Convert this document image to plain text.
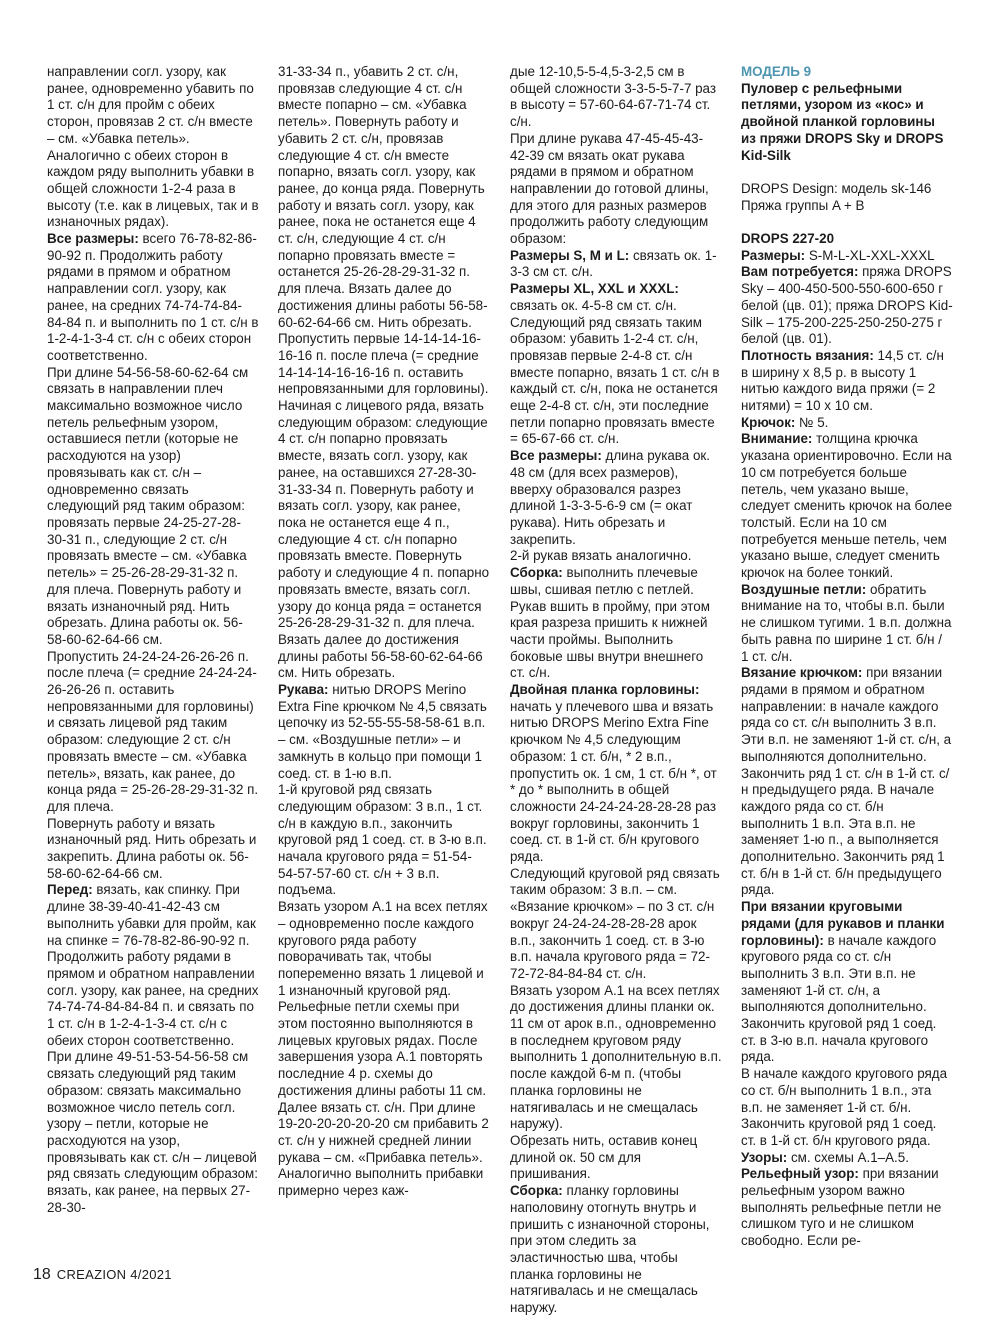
направлении согл. узору, как ранее, одновременно убавить по 1 ст. с/н для пройм с обеих сторон, провязав 2 ст. с/н вместе – см. «Убавка петель». Аналогично с обеих сторон в каждом ряду выполнить убавки в общей сложности 1-2-4 раза в высоту (т.е. как в лицевых, так и в изнаночных рядах).

Все размеры: всего 76-78-82-86-90-92 п. Продолжить работу рядами в прямом и обратном направлении согл. узору, как ранее, на средних 74-74-74-84-84-84 п. и выполнить по 1 ст. с/н в 1-2-4-1-3-4 ст. с/н с обеих сторон соответственно.

При длине 54-56-58-60-62-64 см связать в направлении плеч максимально возможное число петель рельефным узором, оставшиеся петли (которые не расходуются на узор) провязывать как ст. с/н – одновременно связать следующий ряд таким образом: провязать первые 24-25-27-28-30-31 п., следующие 2 ст. с/н провязать вместе – см. «Убавка петель» = 25-26-28-29-31-32 п. для плеча. Повернуть работу и вязать изнаночный ряд. Нить обрезать. Длина работы ок. 56-58-60-62-64-66 см.

Пропустить 24-24-24-26-26-26 п. после плеча (= средние 24-24-24-26-26-26 п. оставить непровязанными для горловины) и связать лицевой ряд таким образом: следующие 2 ст. с/н провязать вместе – см. «Убавка петель», вязать, как ранее, до конца ряда = 25-26-28-29-31-32 п. для плеча.

Повернуть работу и вязать изнаночный ряд. Нить обрезать и закрепить. Длина работы ок. 56-58-60-62-64-66 см.

Перед: вязать, как спинку. При длине 38-39-40-41-42-43 см выполнить убавки для пройм, как на спинке = 76-78-82-86-90-92 п.

Продолжить работу рядами в прямом и обратном направлении согл. узору, как ранее, на средних 74-74-74-84-84-84 п. и связать по 1 ст. с/н в 1-2-4-1-3-4 ст. с/н с обеих сторон соответственно.

При длине 49-51-53-54-56-58 см связать следующий ряд таким образом: связать максимально возможное число петель согл. узору – петли, которые не расходуются на узор, провязывать как ст. с/н – лицевой ряд связать следующим образом: вязать, как ранее, на первых 27-28-30-

31-33-34 п., убавить 2 ст. с/н, провязав следующие 4 ст. с/н вместе попарно – см. «Убавка петель». Повернуть работу и убавить 2 ст. с/н, провязав следующие 4 ст. с/н вместе попарно, вязать согл. узору, как ранее, до конца ряда. Повернуть работу и вязать согл. узору, как ранее, пока не останется еще 4 ст. с/н, следующие 4 ст. с/н попарно провязать вместе = останется 25-26-28-29-31-32 п. для плеча. Вязать далее до достижения длины работы 56-58-60-62-64-66 см. Нить обрезать.

Пропустить первые 14-14-14-16-16-16 п. после плеча (= средние 14-14-14-16-16-16 п. оставить непровязанными для горловины).

Начиная с лицевого ряда, вязать следующим образом: следующие 4 ст. с/н попарно провязать вместе, вязать согл. узору, как ранее, на оставшихся 27-28-30-31-33-34 п. Повернуть работу и вязать согл. узору, как ранее, пока не останется еще 4 п., следующие 4 ст. с/н попарно провязать вместе. Повернуть работу и следующие 4 п. попарно провязать вместе, вязать согл. узору до конца ряда = останется 25-26-28-29-31-32 п. для плеча.

Вязать далее до достижения длины работы 56-58-60-62-64-66 см. Нить обрезать.

Рукава: нитью DROPS Merino Extra Fine крючком № 4,5 связать цепочку из 52-55-55-58-58-61 в.п. – см. «Воздушные петли» – и замкнуть в кольцо при помощи 1 соед. ст. в 1-ю в.п.

1-й круговой ряд связать следующим образом: 3 в.п., 1 ст. с/н в каждую в.п., закончить круговой ряд 1 соед. ст. в 3-ю в.п. начала кругового ряда = 51-54-54-57-57-60 ст. с/н + 3 в.п. подъема.

Вязать узором А.1 на всех петлях – одновременно после каждого кругового ряда работу поворачивать так, чтобы попеременно вязать 1 лицевой и 1 изнаночный круговой ряд. Рельефные петли схемы при этом постоянно выполняются в лицевых круговых рядах. После завершения узора А.1 повторять последние 4 р. схемы до достижения длины работы 11 см.

Далее вязать ст. с/н. При длине 19-20-20-20-20-20 см прибавить 2 ст. с/н у нижней средней линии рукава – см. «Прибавка петель». Аналогично выполнить прибавки примерно через каж-

дые 12-10,5-5-4,5-3-2,5 см в общей сложности 3-3-5-5-7-7 раз в высоту = 57-60-64-67-71-74 ст. с/н.

При длине рукава 47-45-45-43-42-39 см вязать окат рукава рядами в прямом и обратном направлении до готовой длины, для этого для разных размеров продолжить работу следующим образом:

Размеры S, M и L: связать ок. 1-3-3 см ст. с/н.

Размеры XL, XXL и XXXL: связать ок. 4-5-8 см ст. с/н. Следующий ряд связать таким образом: убавить 1-2-4 ст. с/н, провязав первые 2-4-8 ст. с/н вместе попарно, вязать 1 ст. с/н в каждый ст. с/н, пока не останется еще 2-4-8 ст. с/н, эти последние петли попарно провязать вместе = 65-67-66 ст. с/н.

Все размеры: длина рукава ок. 48 см (для всех размеров), вверху образовался разрез длиной 1-3-3-5-6-9 см (= окат рукава). Нить обрезать и закрепить.

2-й рукав вязать аналогично.

Сборка: выполнить плечевые швы, сшивая петлю с петлей. Рукав вшить в пройму, при этом края разреза пришить к нижней части проймы. Выполнить боковые швы внутри внешнего ст. с/н.

Двойная планка горловины: начать у плечевого шва и вязать нитью DROPS Merino Extra Fine крючком № 4,5 следующим образом: 1 ст. б/н, * 2 в.п., пропустить ок. 1 см, 1 ст. б/н *, от * до * выполнить в общей сложности 24-24-24-28-28-28 раз вокруг горловины, закончить 1 соед. ст. в 1-й ст. б/н кругового ряда.

Следующий круговой ряд связать таким образом: 3 в.п. – см. «Вязание крючком» – по 3 ст. с/н вокруг 24-24-24-28-28-28 арок в.п., закончить 1 соед. ст. в 3-ю в.п. начала кругового ряда = 72-72-72-84-84-84 ст. с/н.

Вязать узором А.1 на всех петлях до достижения длины планки ок. 11 см от арок в.п., одновременно в последнем круговом ряду выполнить 1 дополнительную в.п. после каждой 6-м п. (чтобы планка горловины не натягивалась и не смещалась наружу).

Обрезать нить, оставив конец длиной ок. 50 см для пришивания.

Сборка: планку горловины наполовину отогнуть внутрь и пришить с изнаночной стороны, при этом следить за эластичностью шва, чтобы планка горловины не натягивалась и не смещалась наружу.

МОДЕЛЬ 9

Пуловер с рельефными петлями, узором из «кос» и двойной планкой горловины из пряжи DROPS Sky и DROPS Kid-Silk

DROPS Design: модель sk-146

Пряжа группы A + B

DROPS 227-20

Размеры: S-M-L-XL-XXL-XXXL

Вам потребуется: пряжа DROPS Sky – 400-450-500-550-600-650 г белой (цв. 01); пряжа DROPS Kid-Silk – 175-200-225-250-250-275 г белой (цв. 01).

Плотность вязания: 14,5 ст. с/н в ширину х 8,5 р. в высоту 1 нитью каждого вида пряжи (= 2 нитями) = 10 х 10 см.

Крючок: № 5.

Внимание: толщина крючка указана ориентировочно. Если на 10 см потребуется больше петель, чем указано выше, следует сменить крючок на более толстый. Если на 10 см потребуется меньше петель, чем указано выше, следует сменить крючок на более тонкий.

Воздушные петли: обратить внимание на то, чтобы в.п. были не слишком тугими. 1 в.п. должна быть равна по ширине 1 ст. б/н / 1 ст. с/н.

Вязание крючком: при вязании рядами в прямом и обратном направлении: в начале каждого ряда со ст. с/н выполнить 3 в.п. Эти в.п. не заменяют 1-й ст. с/н, а выполняются дополнительно. Закончить ряд 1 ст. с/н в 1-й ст. с/н предыдущего ряда. В начале каждого ряда со ст. б/н выполнить 1 в.п. Эта в.п. не заменяет 1-ю п., а выполняется дополнительно. Закончить ряд 1 ст. б/н в 1-й ст. б/н предыдущего ряда.

При вязании круговыми рядами (для рукавов и планки горловины): в начале каждого кругового ряда со ст. с/н выполнить 3 в.п. Эти в.п. не заменяют 1-й ст. с/н, а выполняются дополнительно. Закончить круговой ряд 1 соед. ст. в 3-ю в.п. начала кругового ряда.

В начале каждого кругового ряда со ст. б/н выполнить 1 в.п., эта в.п. не заменяет 1-й ст. б/н. Закончить круговой ряд 1 соед. ст. в 1-й ст. б/н кругового ряда.

Узоры: см. схемы А.1–А.5.

Рельефный узор: при вязании рельефным узором важно выполнять рельефные петли не слишком туго и не слишком свободно. Если ре-

18 CREAZION 4/2021
